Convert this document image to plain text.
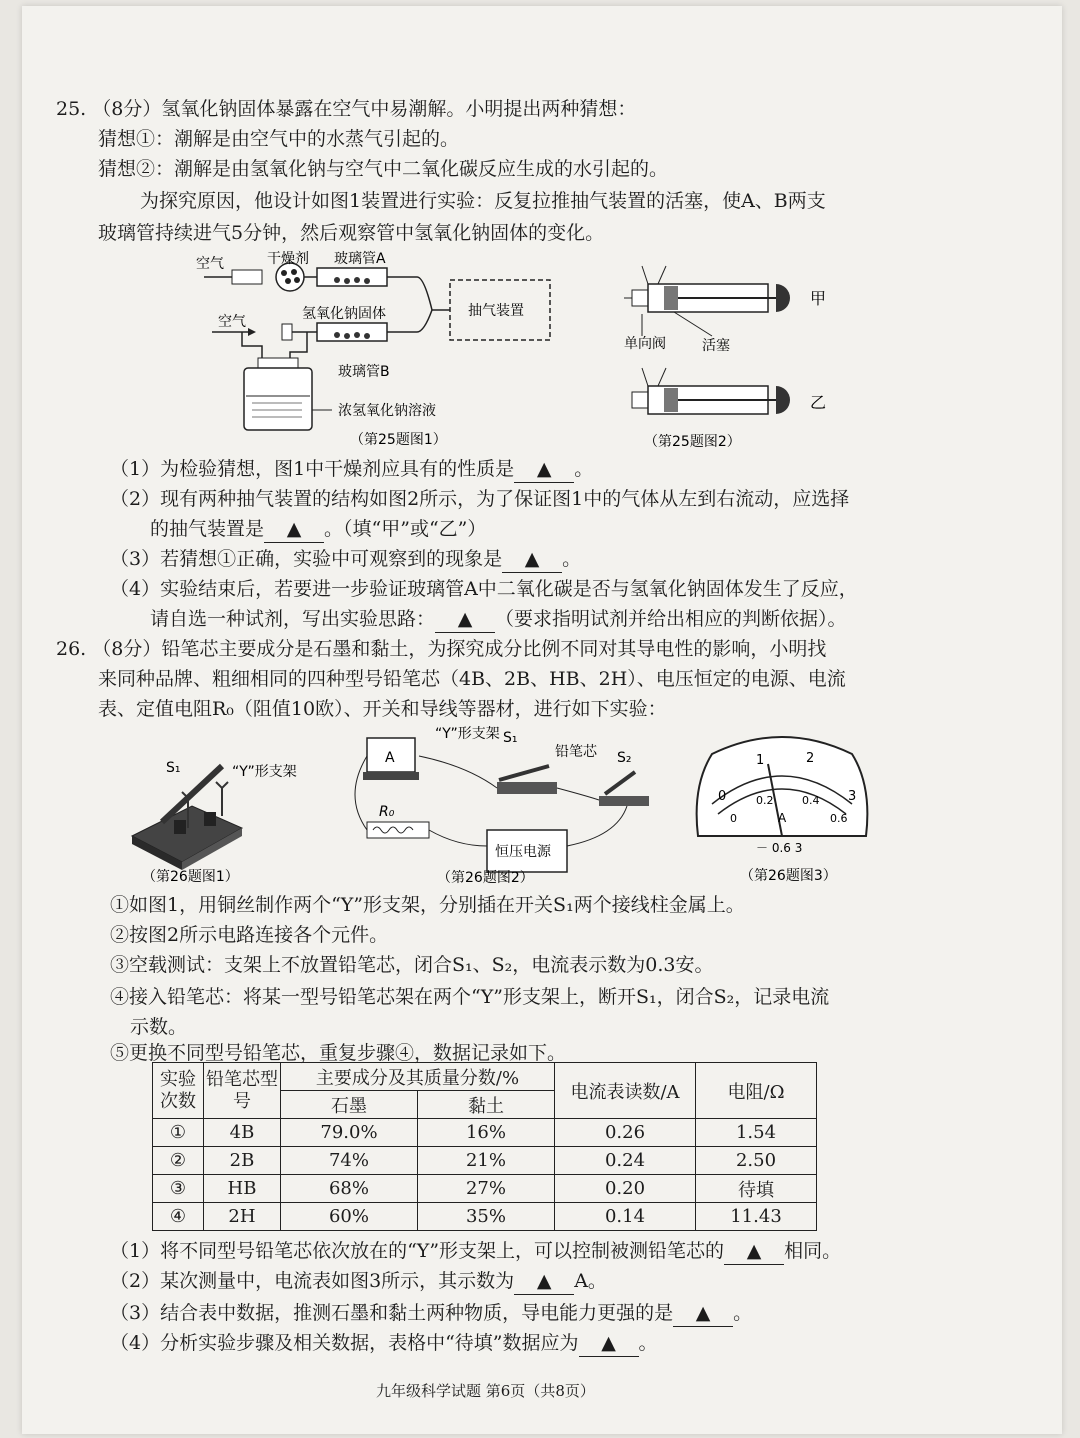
25. （8分）氢氧化钠固体暴露在空气中易潮解。小明提出两种猜想：
猜想①：潮解是由空气中的水蒸气引起的。
猜想②：潮解是由氢氧化钠与空气中二氧化碳反应生成的水引起的。
为探究原因，他设计如图1装置进行实验：反复拉推抽气装置的活塞，使A、B两支
玻璃管持续进气5分钟，然后观察管中氢氧化钠固体的变化。
空气
空气
干燥剂 玻璃管A
氢氧化钠固体
玻璃管B
抽气装置
浓氢氧化钠溶液
（第25题图1）
甲
单向阀	活塞
乙
（第25题图2）
（1）为检验猜想，图1中干燥剂应具有的性质是 ▲ 。
（2）现有两种抽气装置的结构如图2所示，为了保证图1中的气体从左到右流动，应选择
的抽气装置是 ▲ 。（填“甲”或“乙”）
（3）若猜想①正确，实验中可观察到的现象是 ▲ 。
（4）实验结束后，若要进一步验证玻璃管A中二氧化碳是否与氢氧化钠固体发生了反应，
请自选一种试剂，写出实验思路： ▲ （要求指明试剂并给出相应的判断依据）。
26. （8分）铅笔芯主要成分是石墨和黏土，为探究成分比例不同对其导电性的影响，小明找
来同种品牌、粗细相同的四种型号铅笔芯（4B、2B、HB、2H）、电压恒定的电源、电流
表、定值电阻R₀（阻值10欧）、开关和导线等器材，进行如下实验：
S₁	“Y”形支架
（第26题图1）
A
R₀
恒压电源
“Y”形支架 S₁
铅笔芯 S₂
（第26题图2）
A
－ 0.6 3
0
1	2
3
0
0.2	0.4
0.6
（第26题图3）
①如图1，用铜丝制作两个“Y”形支架，分别插在开关S₁两个接线柱金属上。
②按图2所示电路连接各个元件。
③空载测试：支架上不放置铅笔芯，闭合S₁、S₂，电流表示数为0.3安。
④接入铅笔芯：将某一型号铅笔芯架在两个“Y”形支架上，断开S₁，闭合S₂，记录电流
示数。
⑤更换不同型号铅笔芯，重复步骤④，数据记录如下。
实验次数	铅笔芯型号	主要成分及其质量分数/%		电流表读数/A	电阻/Ω
		石墨	黏土		
①	4B	79.0%	16%	0.26	1.54
②	2B	74%	21%	0.24	2.50
③	HB	68%	27%	0.20	待填
④	2H	60%	35%	0.14	11.43
（1）将不同型号铅笔芯依次放在的“Y”形支架上，可以控制被测铅笔芯的 ▲ 相同。
（2）某次测量中，电流表如图3所示，其示数为 ▲ A。
（3）结合表中数据，推测石墨和黏土两种物质，导电能力更强的是 ▲ 。
（4）分析实验步骤及相关数据，表格中“待填”数据应为 ▲ 。
九年级科学试题 第6页（共8页）
